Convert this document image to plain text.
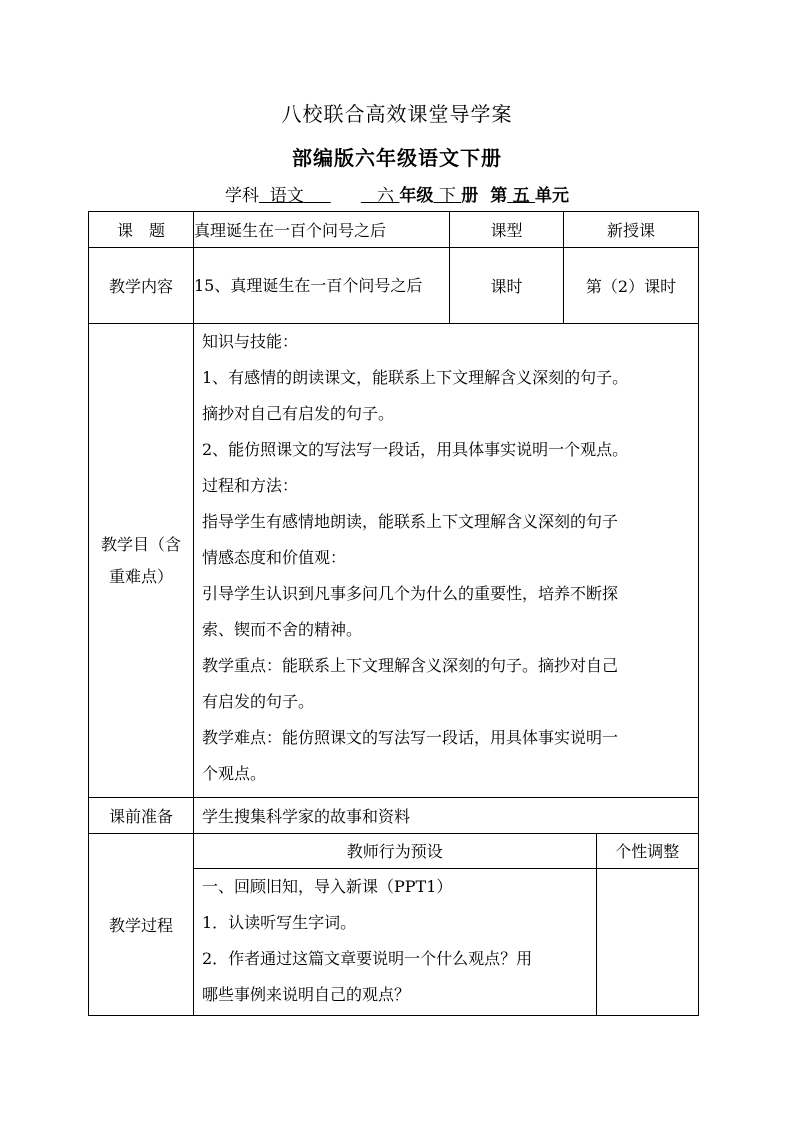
八校联合高效课堂导学案
部编版六年级语文下册
学科 语文	六 年级 下 册 第 五 单元
课　题	真理诞生在一百个问号之后	课型	新授课
教学内容	15、真理诞生在一百个问号之后	课时	第（2）课时

教学目（含
重难点）

知识与技能：

1、有感情的朗读课文，能联系上下文理解含义深刻的句子。

摘抄对自己有启发的句子。

2、能仿照课文的写法写一段话，用具体事实说明一个观点。

过程和方法：

指导学生有感情地朗读，能联系上下文理解含义深刻的句子

情感态度和价值观：

引导学生认识到凡事多问几个为什么的重要性，培养不断探

索、锲而不舍的精神。

教学重点：能联系上下文理解含义深刻的句子。摘抄对自己

有启发的句子。

教学难点：能仿照课文的写法写一段话，用具体事实说明一

个观点。

课前准备	学生搜集科学家的故事和资料
教学过程	
教师行为预设	个性调整

一、回顾旧知，导入新课（PPT1）

1．认读听写生字词。

2．作者通过这篇文章要说明一个什么观点？用

哪些事例来说明自己的观点？
